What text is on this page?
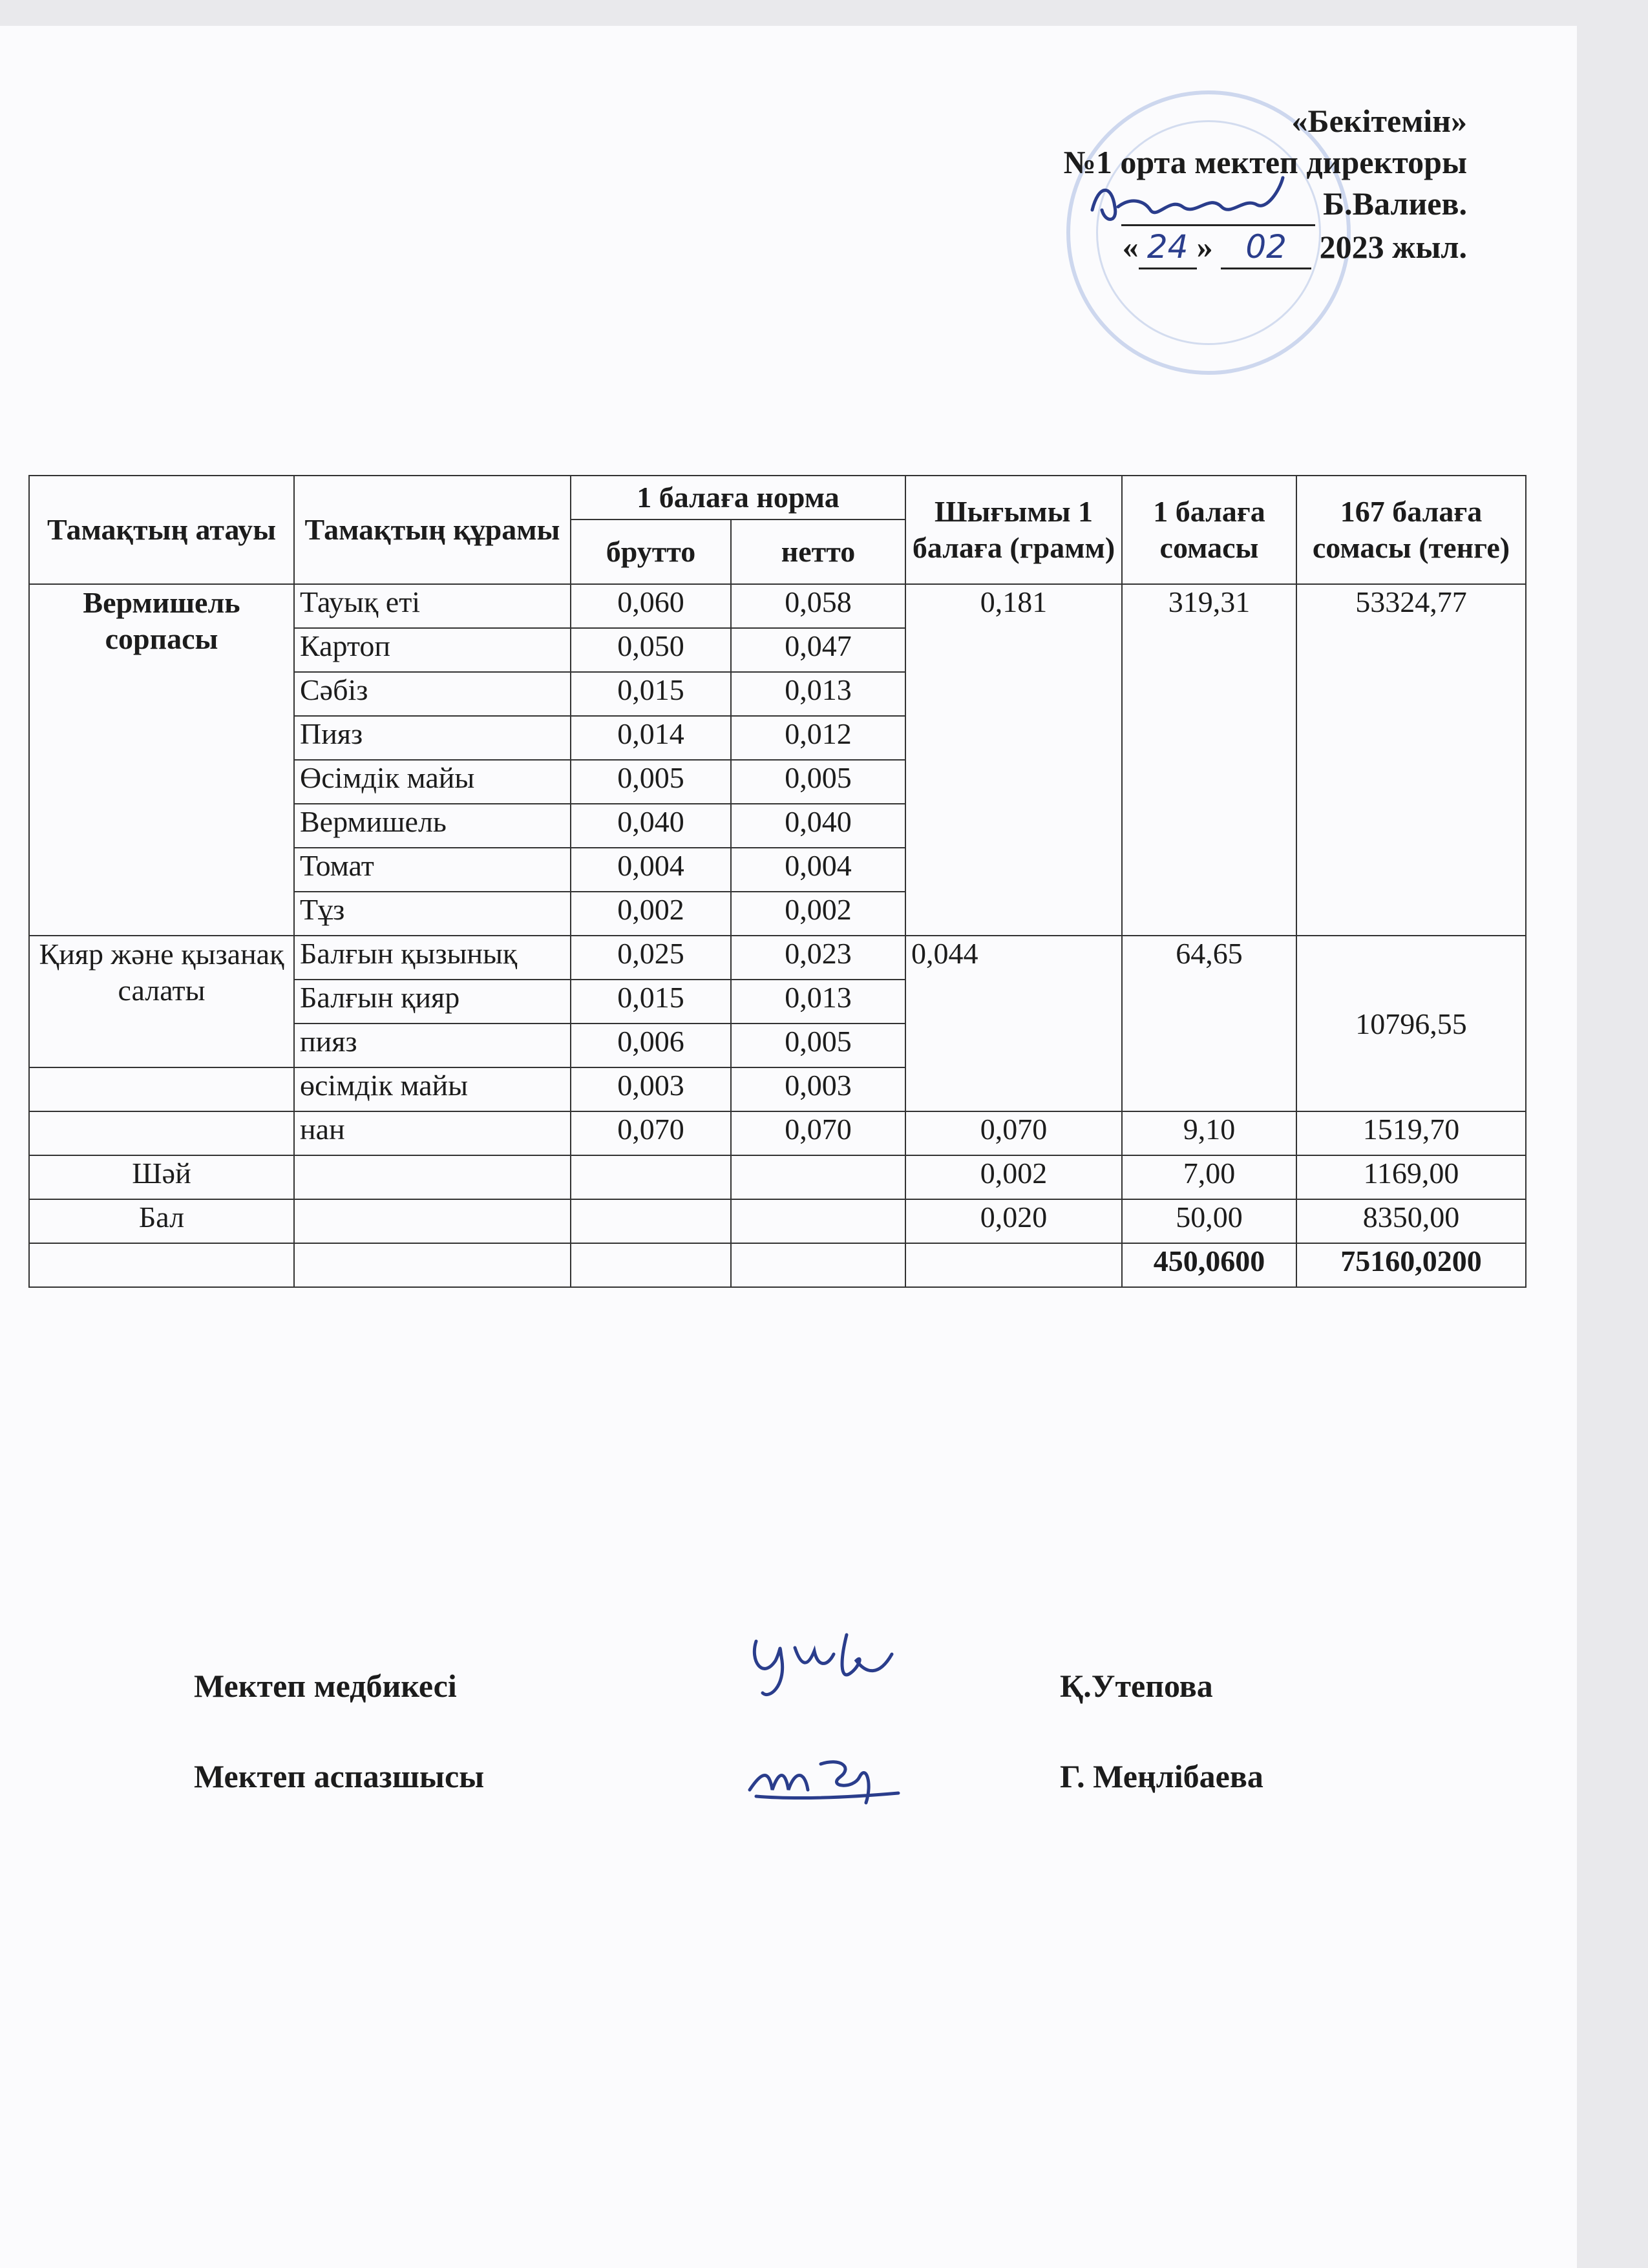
«Бекітемін»
№1 орта мектеп директоры
Б.Валиев.
« 24 » 02 2023 жыл.
Тамақтың атауы	Тамақтың құрамы	1 балаға норма		Шығымы 1 балаға (грамм)	1 балаға сомасы	167 балаға сомасы (тенге)
		брутто	нетто			
Вермишель сорпасы	Тауық еті	0,060	0,058	0,181	319,31	53324,77
	Картоп	0,050	0,047			
	Сәбіз	0,015	0,013			
	Пияз	0,014	0,012			
	Өсімдік майы	0,005	0,005			
	Вермишель	0,040	0,040			
	Томат	0,004	0,004			
	Тұз	0,002	0,002			
Қияр және қызанақ салаты	Балғын қызынық	0,025	0,023	0,044	64,65	10796,55
	Балғын қияр	0,015	0,013			
	пияз	0,006	0,005			
	өсімдік майы	0,003	0,003			
	нан	0,070	0,070	0,070	9,10	1519,70
Шәй				0,002	7,00	1169,00
Бал				0,020	50,00	8350,00
					450,0600	75160,0200
Мектеп медбикесі	Қ.Утепова
Мектеп аспазшысы	Г. Меңлібаева
